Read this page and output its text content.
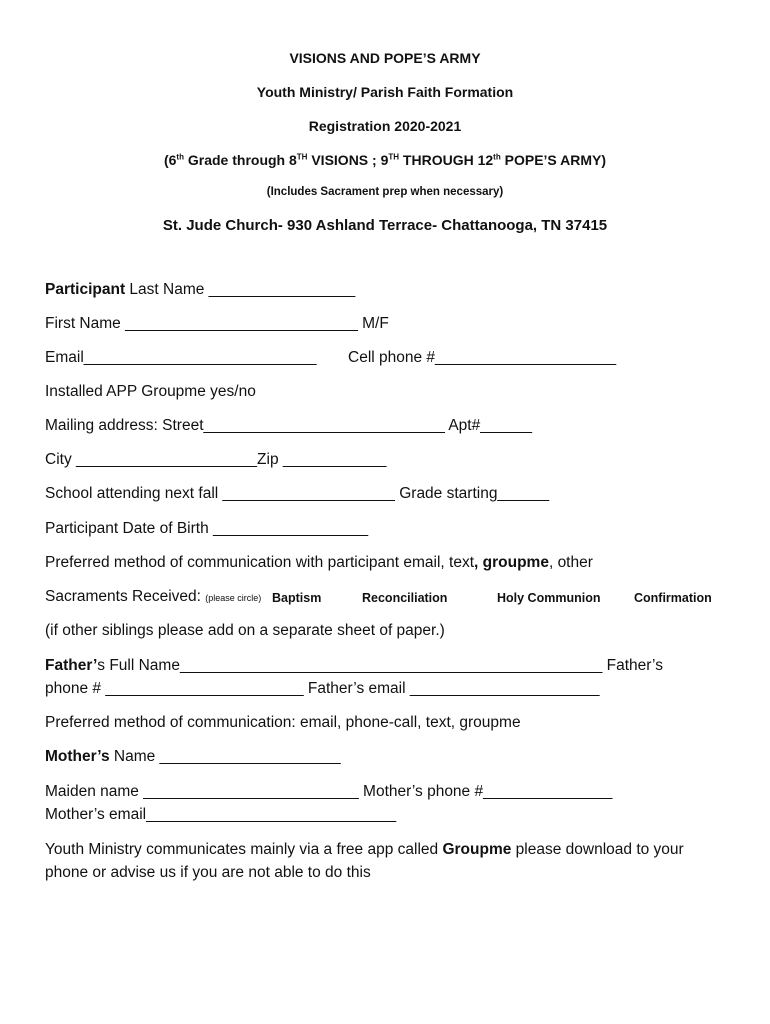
VISIONS AND POPE’S ARMY
Youth Ministry/ Parish Faith Formation
Registration 2020-2021
(6th Grade through 8TH VISIONS ; 9TH THROUGH 12th POPE’S ARMY)
(Includes Sacrament prep when necessary)
St. Jude Church- 930 Ashland Terrace- Chattanooga, TN 37415
Participant Last Name _________________
First Name ___________________________ M/F
Email___________________________ Cell phone #_____________________
Installed APP Groupme yes/no
Mailing address: Street____________________________ Apt#______
City _____________________Zip ____________
School attending next fall ____________________ Grade starting______
Participant Date of Birth __________________
Preferred method of communication with participant email, text, groupme, other
Sacraments Received: (please circle) Baptism	Reconciliation	Holy Communion	Confirmation
(if other siblings please add on a separate sheet of paper.)
Father’s Full Name_________________________________________________ Father’s
phone # _______________________ Father’s email ______________________
Preferred method of communication: email, phone-call, text, groupme
Mother’s Name _____________________
Maiden name _________________________ Mother’s phone #_______________
Mother’s email_____________________________
Youth Ministry communicates mainly via a free app called Groupme please download to your
phone or advise us if you are not able to do this
